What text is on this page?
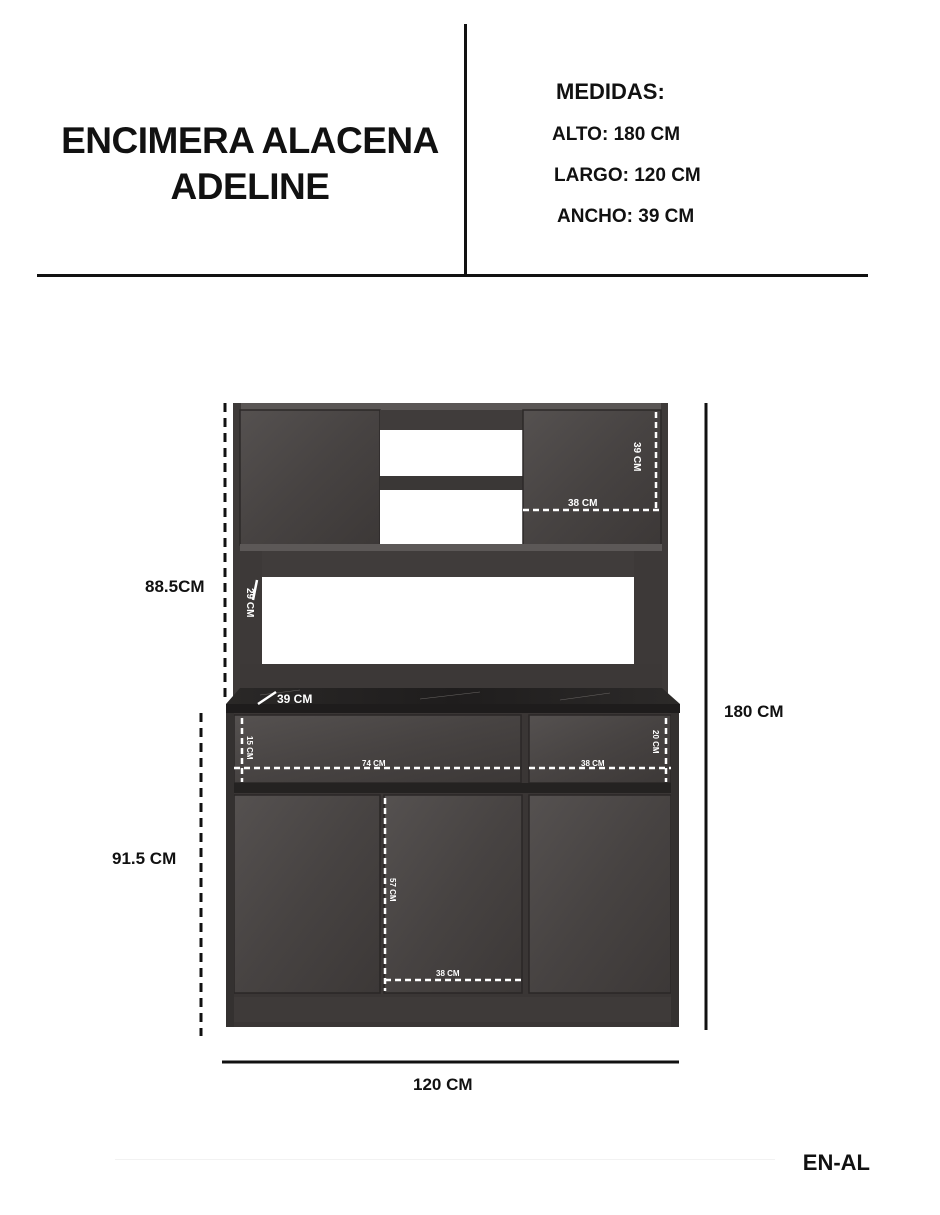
ENCIMERA ALACENA
ADELINE
MEDIDAS:
ALTO: 180 CM
LARGO: 120 CM
ANCHO: 39 CM
88.5CM
91.5 CM
180 CM
120 CM
39 CM
38 CM
29 CM
39 CM
15 CM
74 CM
20 CM
38 CM
57 CM
38 CM
EN-AL
